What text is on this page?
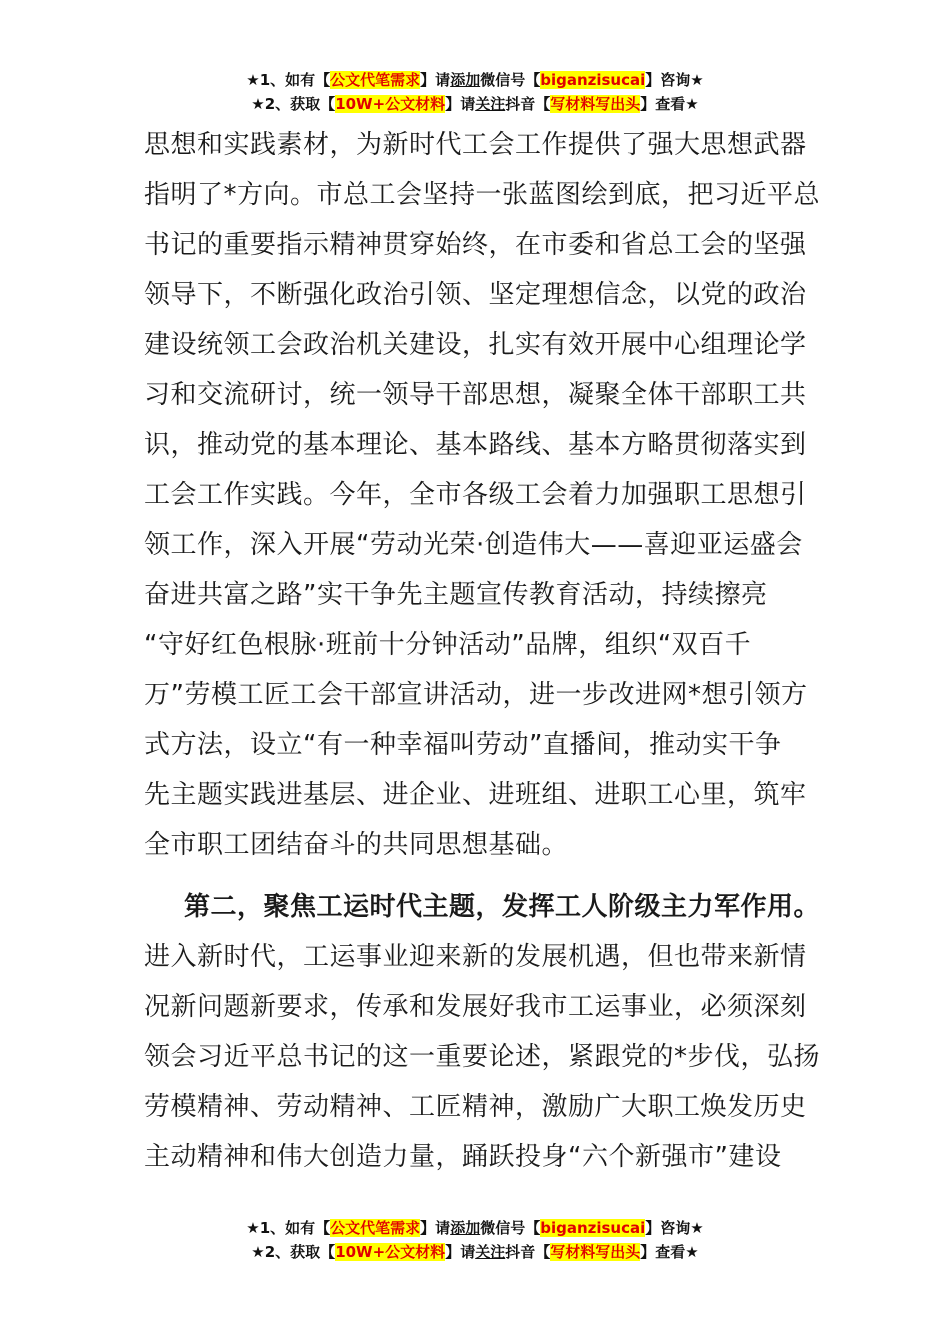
★1、如有【公文代笔需求】请添加微信号【biganzisucai】咨询★
★2、获取【10W+公文材料】请关注抖音【写材料写出头】查看★
思想和实践素材，为新时代工会工作提供了强大思想武器
指明了*方向。市总工会坚持一张蓝图绘到底，把习近平总
书记的重要指示精神贯穿始终，在市委和省总工会的坚强
领导下，不断强化政治引领、坚定理想信念，以党的政治
建设统领工会政治机关建设，扎实有效开展中心组理论学
习和交流研讨，统一领导干部思想，凝聚全体干部职工共
识，推动党的基本理论、基本路线、基本方略贯彻落实到
工会工作实践。今年，全市各级工会着力加强职工思想引
领工作，深入开展“劳动光荣·创造伟大——喜迎亚运盛会
奋进共富之路”实干争先主题宣传教育活动，持续擦亮
“守好红色根脉·班前十分钟活动”品牌，组织“双百千
万”劳模工匠工会干部宣讲活动，进一步改进网*想引领方
式方法，设立“有一种幸福叫劳动”直播间，推动实干争
先主题实践进基层、进企业、进班组、进职工心里，筑牢
全市职工团结奋斗的共同思想基础。
第二，聚焦工运时代主题，发挥工人阶级主力军作用。
进入新时代，工运事业迎来新的发展机遇，但也带来新情
况新问题新要求，传承和发展好我市工运事业，必须深刻
领会习近平总书记的这一重要论述，紧跟党的*步伐，弘扬
劳模精神、劳动精神、工匠精神，激励广大职工焕发历史
主动精神和伟大创造力量，踊跃投身“六个新强市”建设
★1、如有【公文代笔需求】请添加微信号【biganzisucai】咨询★
★2、获取【10W+公文材料】请关注抖音【写材料写出头】查看★
